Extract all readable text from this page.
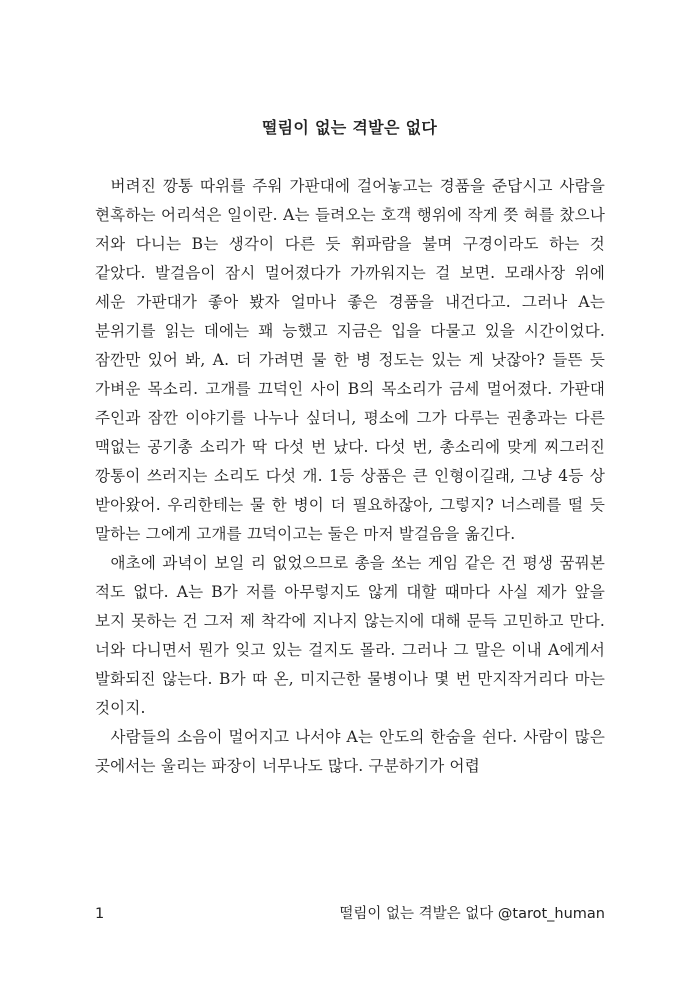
떨림이 없는 격발은 없다

버려진 깡통 따위를 주워 가판대에 걸어놓고는 경품을 준답시고 사람을 현혹하는 어리석은 일이란. A는 들려오는 호객 행위에 작게 쯧 혀를 찼으나 저와 다니는 B는 생각이 다른 듯 휘파람을 불며 구경이라도 하는 것 같았다. 발걸음이 잠시 멀어졌다가 가까워지는 걸 보면. 모래사장 위에 세운 가판대가 좋아 봤자 얼마나 좋은 경품을 내건다고. 그러나 A는 분위기를 읽는 데에는 꽤 능했고 지금은 입을 다물고 있을 시간이었다. 잠깐만 있어 봐, A. 더 가려면 물 한 병 정도는 있는 게 낫잖아? 들뜬 듯 가벼운 목소리. 고개를 끄덕인 사이 B의 목소리가 금세 멀어졌다. 가판대 주인과 잠깐 이야기를 나누나 싶더니, 평소에 그가 다루는 권총과는 다른 맥없는 공기총 소리가 딱 다섯 번 났다. 다섯 번, 총소리에 맞게 찌그러진 깡통이 쓰러지는 소리도 다섯 개. 1등 상품은 큰 인형이길래, 그냥 4등 상 받아왔어. 우리한테는 물 한 병이 더 필요하잖아, 그렇지? 너스레를 떨 듯 말하는 그에게 고개를 끄덕이고는 둘은 마저 발걸음을 옮긴다.

애초에 과녁이 보일 리 없었으므로 총을 쏘는 게임 같은 건 평생 꿈꿔본 적도 없다. A는 B가 저를 아무렇지도 않게 대할 때마다 사실 제가 앞을 보지 못하는 건 그저 제 착각에 지나지 않는지에 대해 문득 고민하고 만다. 너와 다니면서 뭔가 잊고 있는 걸지도 몰라. 그러나 그 말은 이내 A에게서 발화되진 않는다. B가 따 온, 미지근한 물병이나 몇 번 만지작거리다 마는 것이지.

사람들의 소음이 멀어지고 나서야 A는 안도의 한숨을 쉰다. 사람이 많은 곳에서는 울리는 파장이 너무나도 많다. 구분하기가 어렵

1	떨림이 없는 격발은 없다 @tarot_human
